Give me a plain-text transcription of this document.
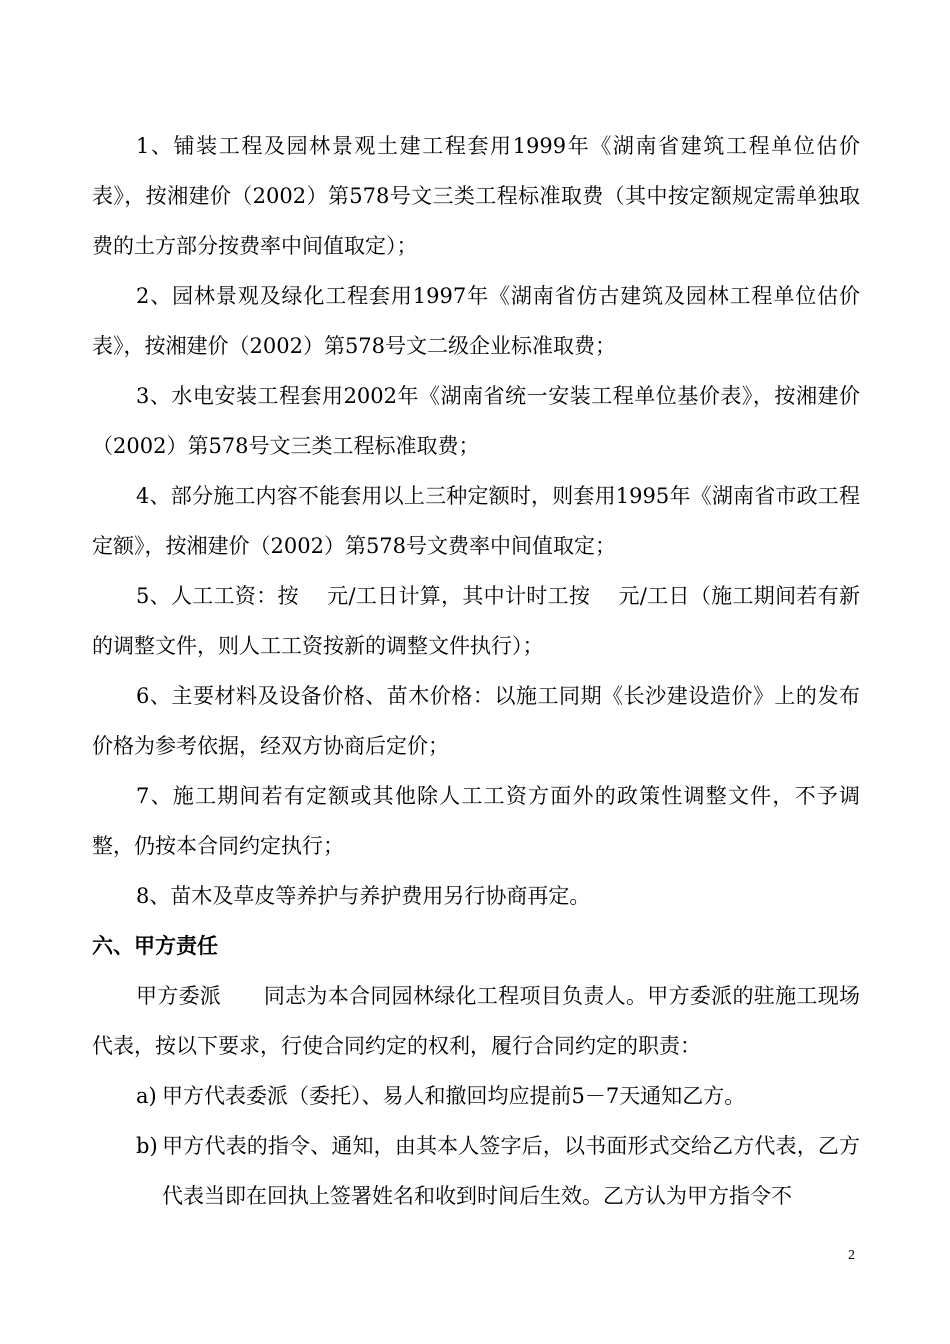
1、铺装工程及园林景观土建工程套用1999年《湖南省建筑工程单位估价表》，按湘建价（2002）第578号文三类工程标准取费（其中按定额规定需单独取费的土方部分按费率中间值取定）；

2、园林景观及绿化工程套用1997年《湖南省仿古建筑及园林工程单位估价表》，按湘建价（2002）第578号文二级企业标准取费；

3、水电安装工程套用2002年《湖南省统一安装工程单位基价表》，按湘建价（2002）第578号文三类工程标准取费；

4、部分施工内容不能套用以上三种定额时，则套用1995年《湖南省市政工程定额》，按湘建价（2002）第578号文费率中间值取定；

5、人工工资：按　 元/工日计算，其中计时工按　 元/工日（施工期间若有新的调整文件，则人工工资按新的调整文件执行）；

6、主要材料及设备价格、苗木价格：以施工同期《长沙建设造价》上的发布价格为参考依据，经双方协商后定价；

7、施工期间若有定额或其他除人工工资方面外的政策性调整文件，不予调整，仍按本合同约定执行；

8、苗木及草皮等养护与养护费用另行协商再定。

六、甲方责任

甲方委派　　同志为本合同园林绿化工程项目负责人。甲方委派的驻施工现场代表，按以下要求，行使合同约定的权利，履行合同约定的职责：

a) 甲方代表委派（委托）、易人和撤回均应提前5－7天通知乙方。

b) 甲方代表的指令、通知，由其本人签字后，以书面形式交给乙方代表，乙方代表当即在回执上签署姓名和收到时间后生效。乙方认为甲方指令不

2
